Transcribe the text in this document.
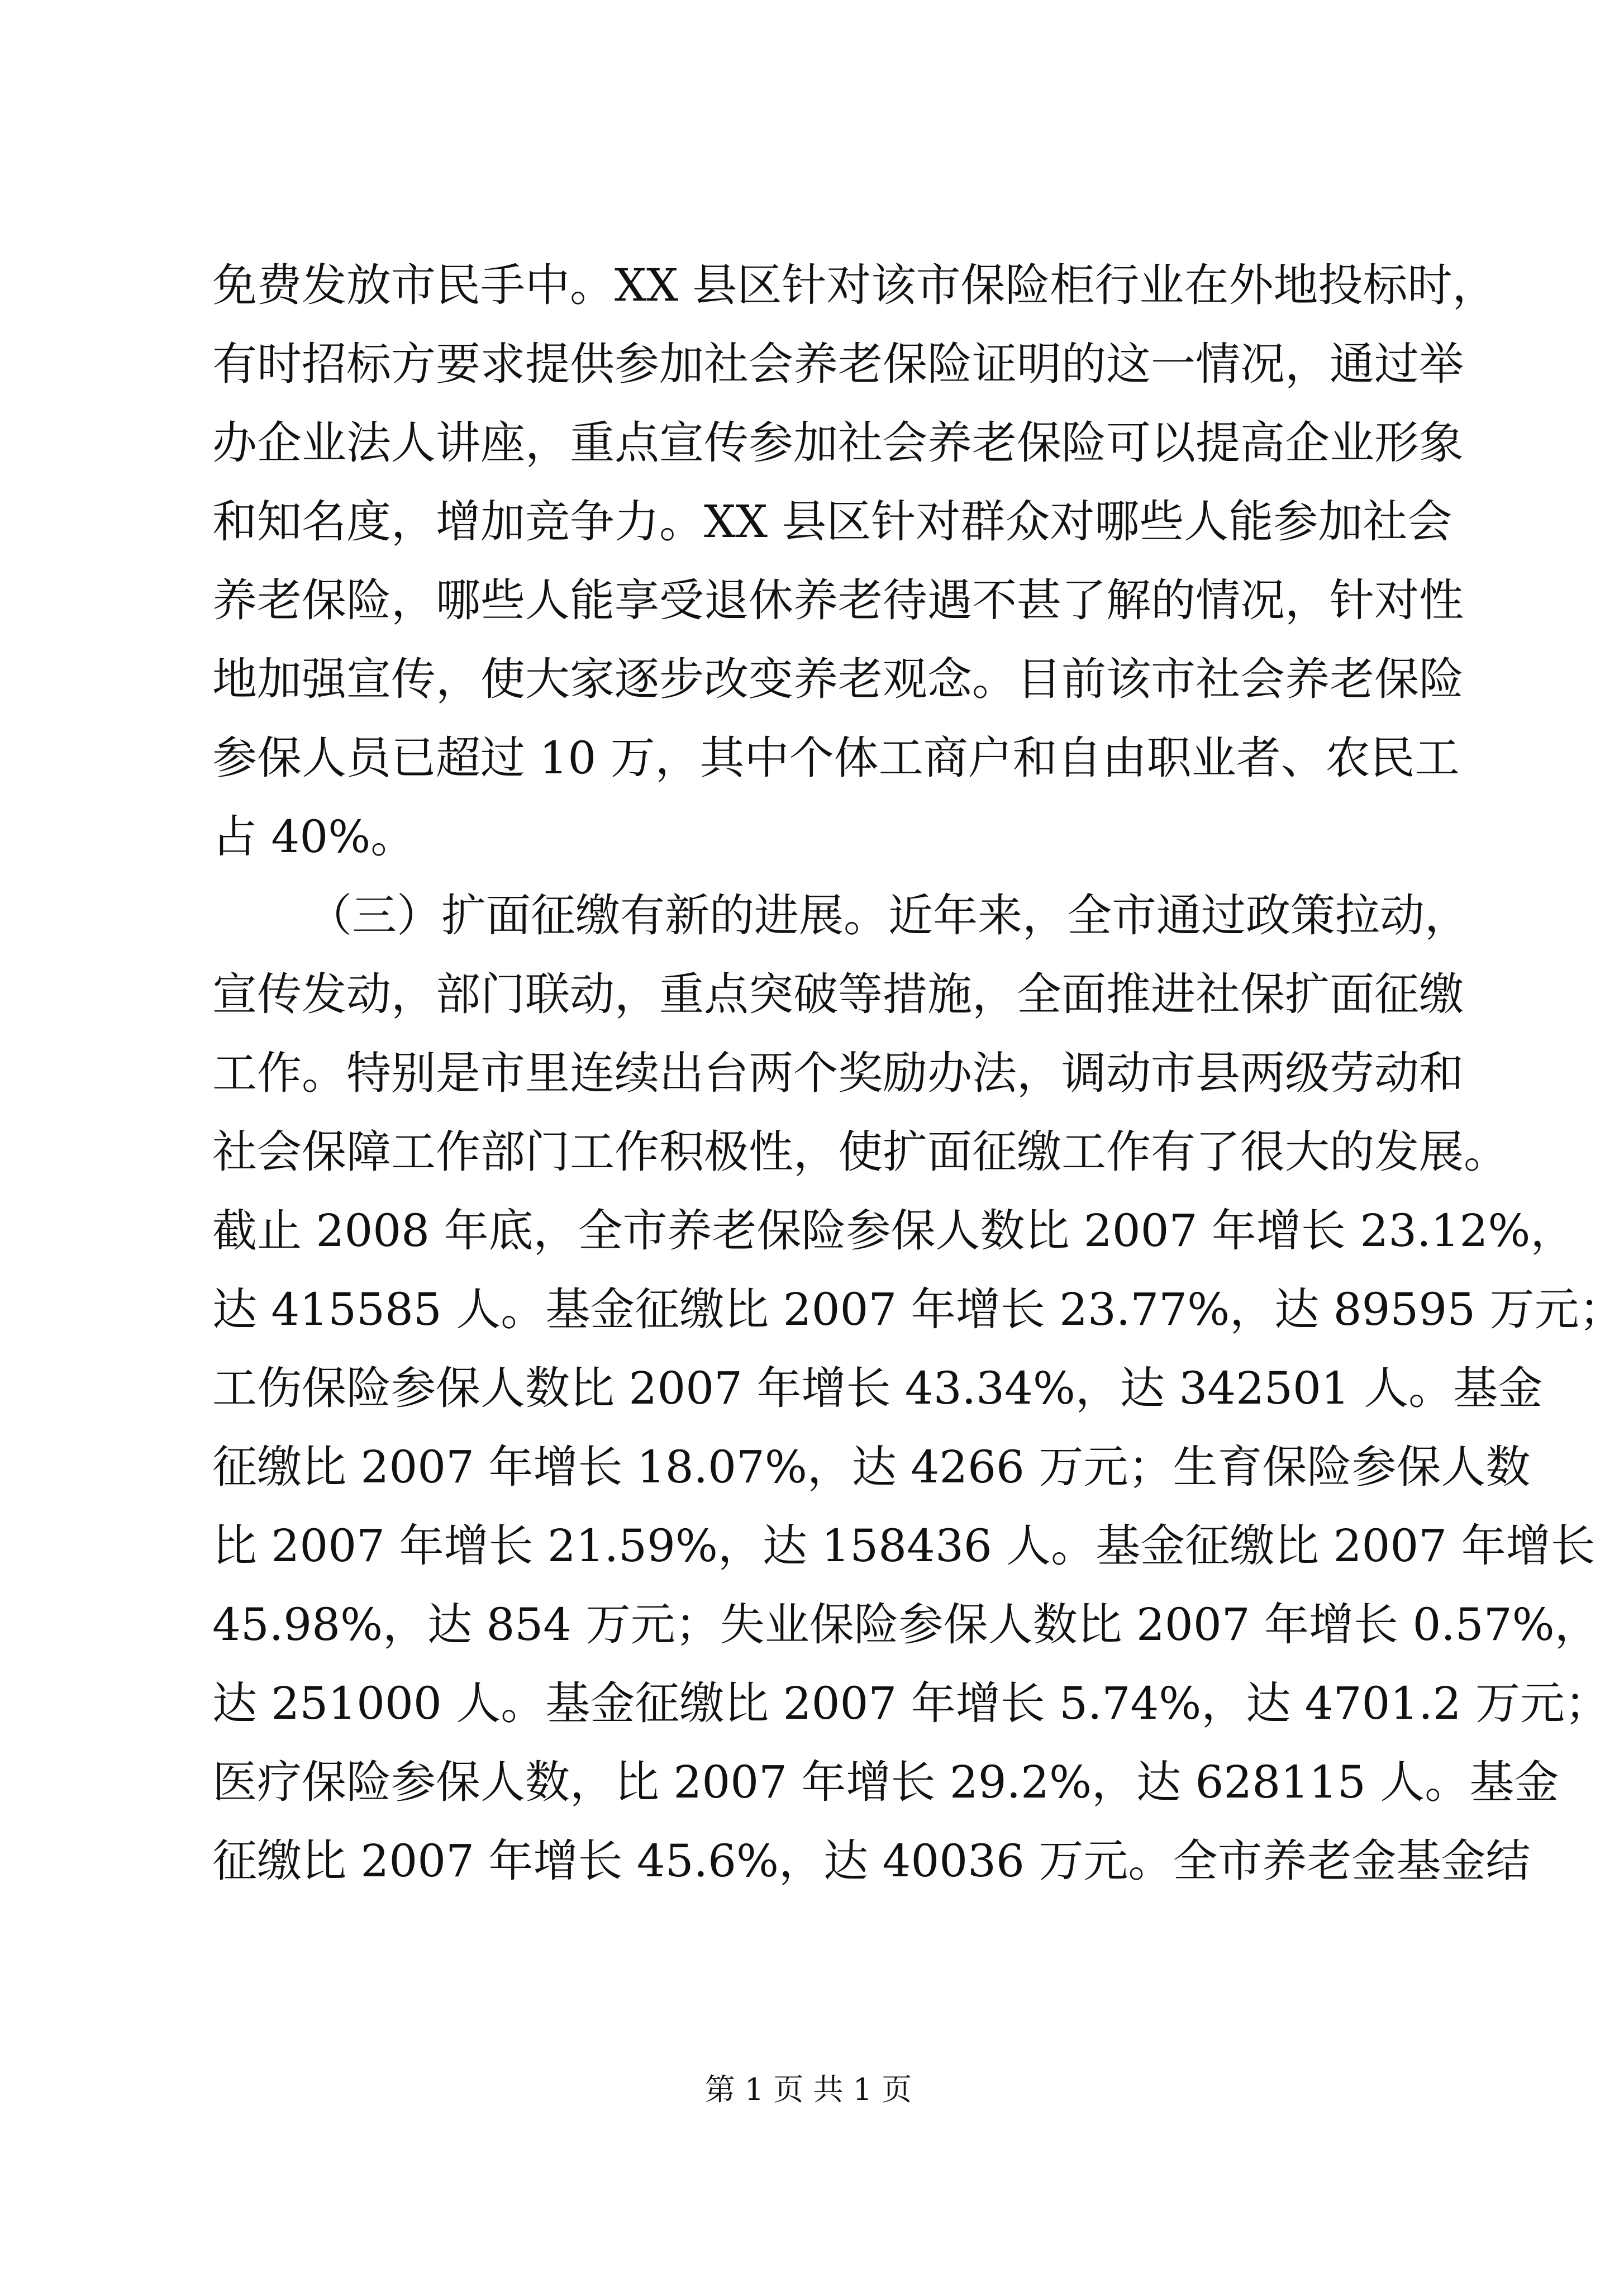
免费发放市民手中。XX 县区针对该市保险柜行业在外地投标时，
有时招标方要求提供参加社会养老保险证明的这一情况，通过举
办企业法人讲座，重点宣传参加社会养老保险可以提高企业形象
和知名度，增加竞争力。XX 县区针对群众对哪些人能参加社会
养老保险，哪些人能享受退休养老待遇不甚了解的情况，针对性
地加强宣传，使大家逐步改变养老观念。目前该市社会养老保险
参保人员已超过 10 万，其中个体工商户和自由职业者、农民工
占 40%。
（三）扩面征缴有新的进展。近年来，全市通过政策拉动，
宣传发动，部门联动，重点突破等措施，全面推进社保扩面征缴
工作。特别是市里连续出台两个奖励办法，调动市县两级劳动和
社会保障工作部门工作积极性，使扩面征缴工作有了很大的发展。
截止 2008 年底，全市养老保险参保人数比 2007 年增长 23.12%，
达 415585 人。基金征缴比 2007 年增长 23.77%，达 89595 万元；
工伤保险参保人数比 2007 年增长 43.34%，达 342501 人。基金
征缴比 2007 年增长 18.07%，达 4266 万元；生育保险参保人数
比 2007 年增长 21.59%，达 158436 人。基金征缴比 2007 年增长
45.98%，达 854 万元；失业保险参保人数比 2007 年增长 0.57%，
达 251000 人。基金征缴比 2007 年增长 5.74%，达 4701.2 万元；
医疗保险参保人数，比 2007 年增长 29.2%，达 628115 人。基金
征缴比 2007 年增长 45.6%，达 40036 万元。全市养老金基金结
第 1 页 共 1 页
